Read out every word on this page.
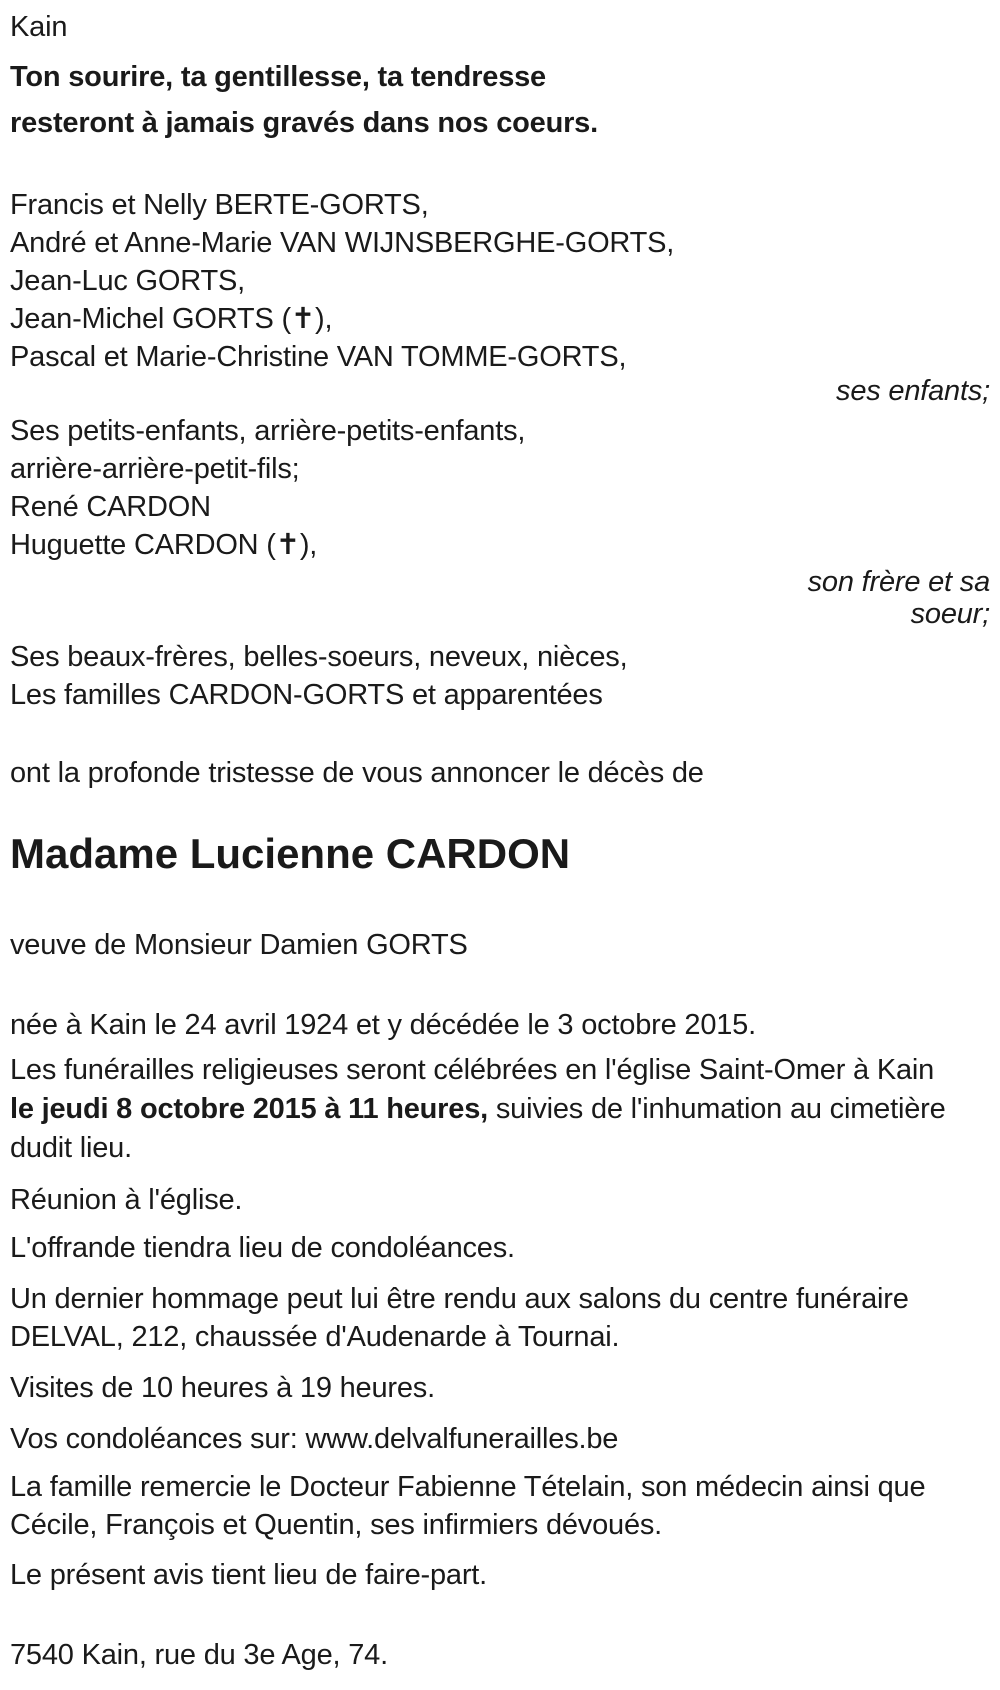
Kain

Ton sourire, ta gentillesse, ta tendresse
resteront à jamais gravés dans nos coeurs.
Francis et Nelly BERTE-GORTS,
André et Anne-Marie VAN WIJNSBERGHE-GORTS,
Jean-Luc GORTS,
Jean-Michel GORTS (✝),
Pascal et Marie-Christine VAN TOMME-GORTS,
ses enfants;
Ses petits-enfants, arrière-petits-enfants,
arrière-arrière-petit-fils;
René CARDON
Huguette CARDON (✝),
son frère et sa
soeur;
Ses beaux-frères, belles-soeurs, neveux, nièces,
Les familles CARDON-GORTS et apparentées

ont la profonde tristesse de vous annoncer le décès de

Madame Lucienne CARDON

veuve de Monsieur Damien GORTS

née à Kain le 24 avril 1924 et y décédée le 3 octobre 2015.

Les funérailles religieuses seront célébrées en l'église Saint-Omer à Kain
le jeudi 8 octobre 2015 à 11 heures, suivies de l'inhumation au cimetière
dudit lieu.

Réunion à l'église.

L'offrande tiendra lieu de condoléances.

Un dernier hommage peut lui être rendu aux salons du centre funéraire
DELVAL, 212, chaussée d'Audenarde à Tournai.

Visites de 10 heures à 19 heures.

Vos condoléances sur: www.delvalfunerailles.be

La famille remercie le Docteur Fabienne Tételain, son médecin ainsi que
Cécile, François et Quentin, ses infirmiers dévoués.

Le présent avis tient lieu de faire-part.

7540 Kain, rue du 3e Age, 74.
